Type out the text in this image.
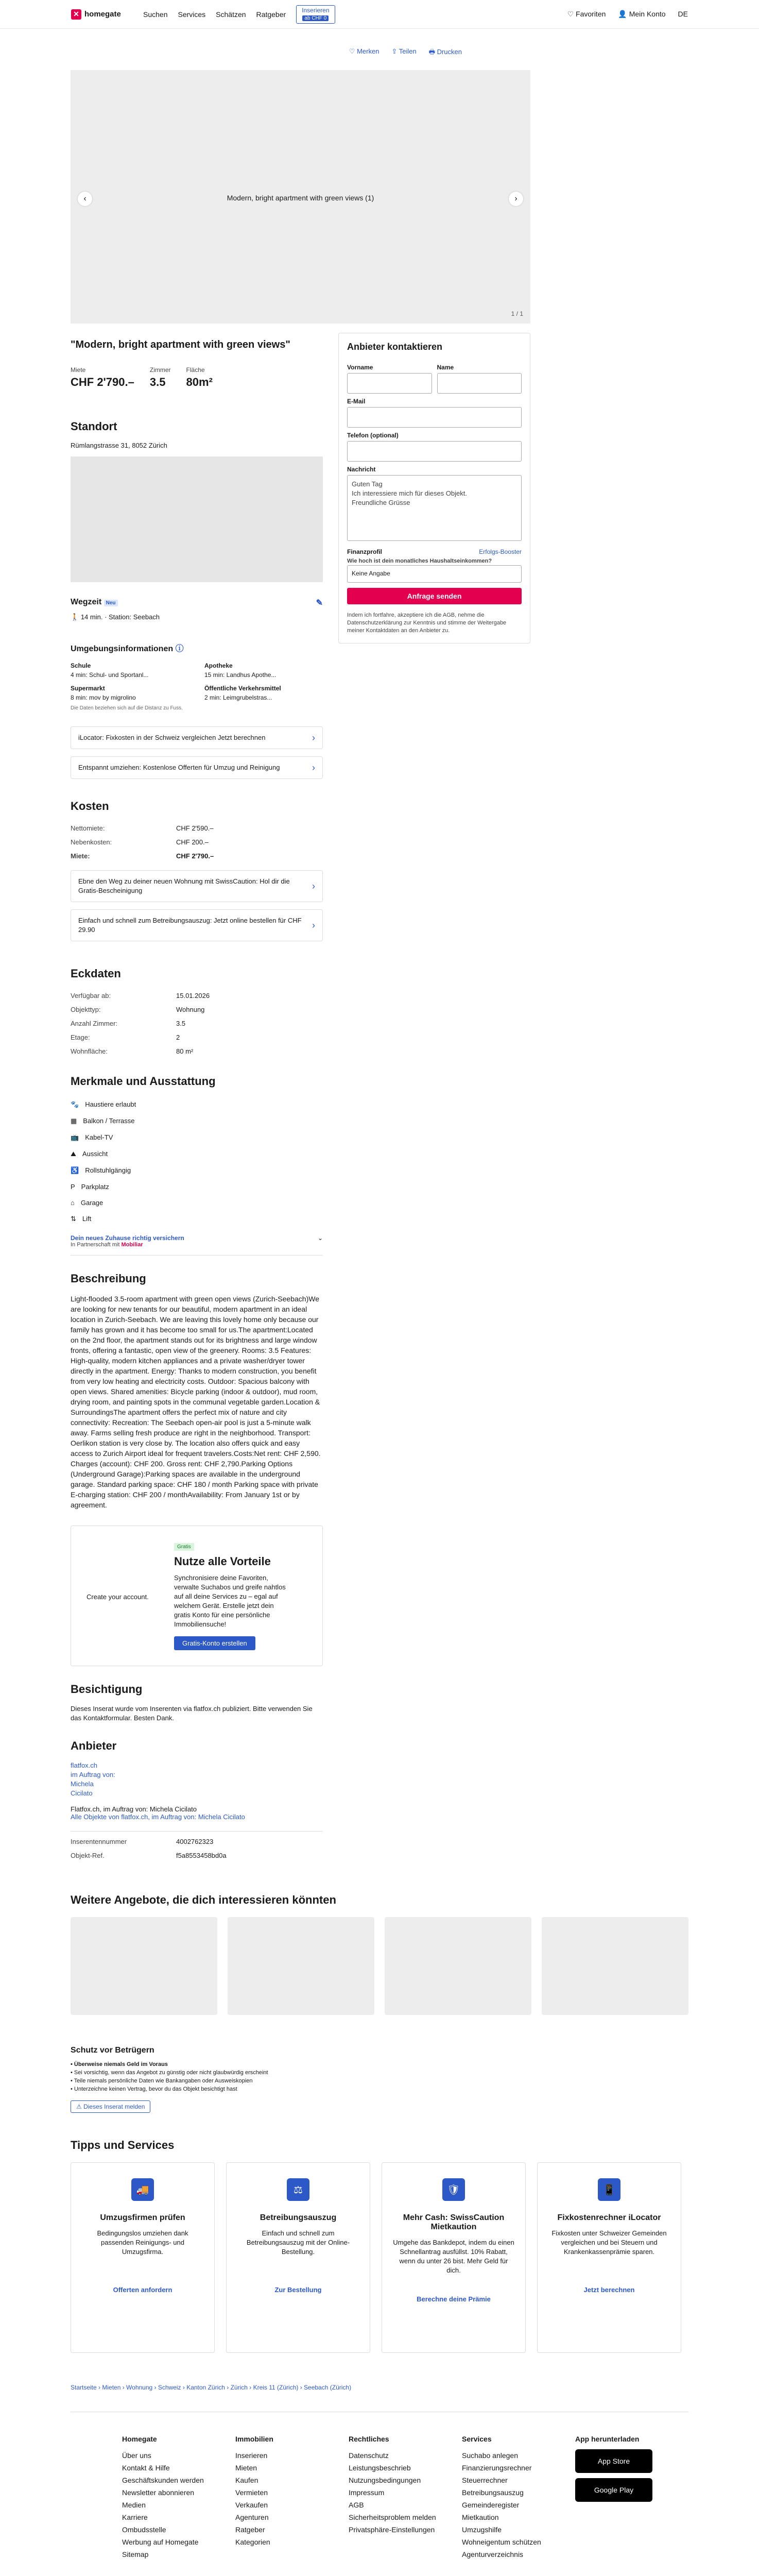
✕ homegate	Suchen Services Schätzen Ratgeber	Inserieren
ab CHF 0	♡ Favoriten 👤 Mein Konto DE
♡ Merken ⇪ Teilen 🖶 Drucken
‹	Modern, bright apartment with green views (1)	›
1 / 1
"Modern, bright apartment with green views"
Miete
CHF 2'790.–
Zimmer
3.5
Fläche
80m²
Standort
Rümlangstrasse 31, 8052 Zürich
Wegzeit Neu	✎
🚶 14 min. · Station: Seebach
Umgebungsinformationen ⓘ
Schule
4 min: Schul- und Sportanl...
Supermarkt
8 min: mov by migrolino
Apotheke
15 min: Landhus Apothe...
Öffentliche Verkehrsmittel
2 min: Leimgrubelstras...
Die Daten beziehen sich auf die Distanz zu Fuss.
iLocator: Fixkosten in der Schweiz vergleichen Jetzt berechnen	›
Entspannt umziehen: Kostenlose Offerten für Umzug und Reinigung	›
Kosten
Nettomiete:	CHF 2'590.–
Nebenkosten:	CHF 200.–
Miete:	CHF 2'790.–
Ebne den Weg zu deiner neuen Wohnung mit SwissCaution: Hol dir die Gratis-Bescheinigung	›
Einfach und schnell zum Betreibungsauszug: Jetzt online bestellen für CHF 29.90	›
Eckdaten
Verfügbar ab:	15.01.2026
Objekttyp:	Wohnung
Anzahl Zimmer:	3.5
Etage:	2
Wohnfläche:	80 m²
Merkmale und Ausstattung
🐾 Haustiere erlaubt
▦ Balkon / Terrasse
📺 Kabel-TV
⛰ Aussicht
♿ Rollstuhlgängig
P Parkplatz
⌂ Garage
⇅ Lift
Dein neues Zuhause richtig versichern
In Partnerschaft mit Mobiliar
⌄
Beschreibung
Light-flooded 3.5-room apartment with green open views (Zurich-Seebach)We are looking for new tenants for our beautiful, modern apartment in an ideal location in Zurich-Seebach. We are leaving this lovely home only because our family has grown and it has become too small for us.The apartment:Located on the 2nd floor, the apartment stands out for its brightness and large window fronts, offering a fantastic, open view of the greenery. Rooms: 3.5 Features: High-quality, modern kitchen appliances and a private washer/dryer tower directly in the apartment. Energy: Thanks to modern construction, you benefit from very low heating and electricity costs. Outdoor: Spacious balcony with open views. Shared amenities: Bicycle parking (indoor & outdoor), mud room, drying room, and painting spots in the communal vegetable garden.Location & SurroundingsThe apartment offers the perfect mix of nature and city connectivity: Recreation: The Seebach open-air pool is just a 5-minute walk away. Farms selling fresh produce are right in the neighborhood. Transport: Oerlikon station is very close by. The location also offers quick and easy access to Zurich Airport ideal for frequent travelers.Costs:Net rent: CHF 2,590. Charges (account): CHF 200. Gross rent: CHF 2,790.Parking Options (Underground Garage):Parking spaces are available in the underground garage. Standard parking space: CHF 180 / month Parking space with private E-charging station: CHF 200 / monthAvailability: From January 1st or by agreement.
Create your account.
Gratis
Nutze alle Vorteile
Synchronisiere deine Favoriten, verwalte Suchabos und greife nahtlos auf all deine Services zu – egal auf welchem Gerät. Erstelle jetzt dein gratis Konto für eine persönliche Immobiliensuche!
Gratis-Konto erstellen
Besichtigung
Dieses Inserat wurde vom Inserenten via flatfox.ch publiziert. Bitte verwenden Sie das Kontaktformular. Besten Dank.
Anbieter
flatfox.ch
im Auftrag von:
Michela
Cicilato
Flatfox.ch, im Auftrag von: Michela Cicilato
Alle Objekte von flatfox.ch, im Auftrag von: Michela Cicilato
Inserentennummer	4002762323
Objekt-Ref.	f5a8553458bd0a
Anbieter kontaktieren
Vorname	Name
E-Mail
Telefon (optional)
Nachricht
Guten Tag
Ich interessiere mich für dieses Objekt.
Freundliche Grüsse
Finanzprofil	Erfolgs-Booster
Wie hoch ist dein monatliches Haushaltseinkommen?
Keine Angabe
Anfrage senden
Indem ich fortfahre, akzeptiere ich die AGB, nehme die Datenschutzerklärung zur Kenntnis und stimme der Weitergabe meiner Kontaktdaten an den Anbieter zu.
Weitere Angebote, die dich interessieren könnten
Schutz vor Betrügern
• Überweise niemals Geld im Voraus
• Sei vorsichtig, wenn das Angebot zu günstig oder nicht glaubwürdig erscheint
• Teile niemals persönliche Daten wie Bankangaben oder Ausweiskopien
• Unterzeichne keinen Vertrag, bevor du das Objekt besichtigt hast
⚠ Dieses Inserat melden
Tipps und Services
🚚
Umzugsfirmen prüfen

Bedingungslos umziehen dank passenden Reinigungs- und Umzugsfirma.

Offerten anfordern
⚖
Betreibungsauszug

Einfach und schnell zum Betreibungsauszug mit der Online-Bestellung.

Zur Bestellung
🛡
Mehr Cash: SwissCaution Mietkaution

Umgehe das Bankdepot, indem du einen Schnellantrag ausfüllst. 10% Rabatt, wenn du unter 26 bist. Mehr Geld für dich.

Berechne deine Prämie
📱
Fixkostenrechner iLocator

Fixkosten unter Schweizer Gemeinden vergleichen und bei Steuern und Krankenkassenprämie sparen.

Jetzt berechnen
Startseite › Mieten › Wohnung › Schweiz › Kanton Zürich › Zürich › Kreis 11 (Zürich) › Seebach (Zürich)
Homegate
Über uns
Kontakt & Hilfe
Geschäftskunden werden
Newsletter abonnieren
Medien
Karriere
Ombudsstelle
Werbung auf Homegate
Sitemap
Immobilien
Inserieren
Mieten
Kaufen
Vermieten
Verkaufen
Agenturen
Ratgeber
Kategorien
Rechtliches
Datenschutz
Leistungsbeschrieb
Nutzungsbedingungen
Impressum
AGB
Sicherheitsproblem melden
Privatsphäre-Einstellungen
Services
Suchabo anlegen
Finanzierungsrechner
Steuerrechner
Betreibungsauszug
Gemeinderegister
Mietkaution
Umzugshilfe
Wohneigentum schützen
Agenturverzeichnis
App herunterladen
App Store
Google Play
